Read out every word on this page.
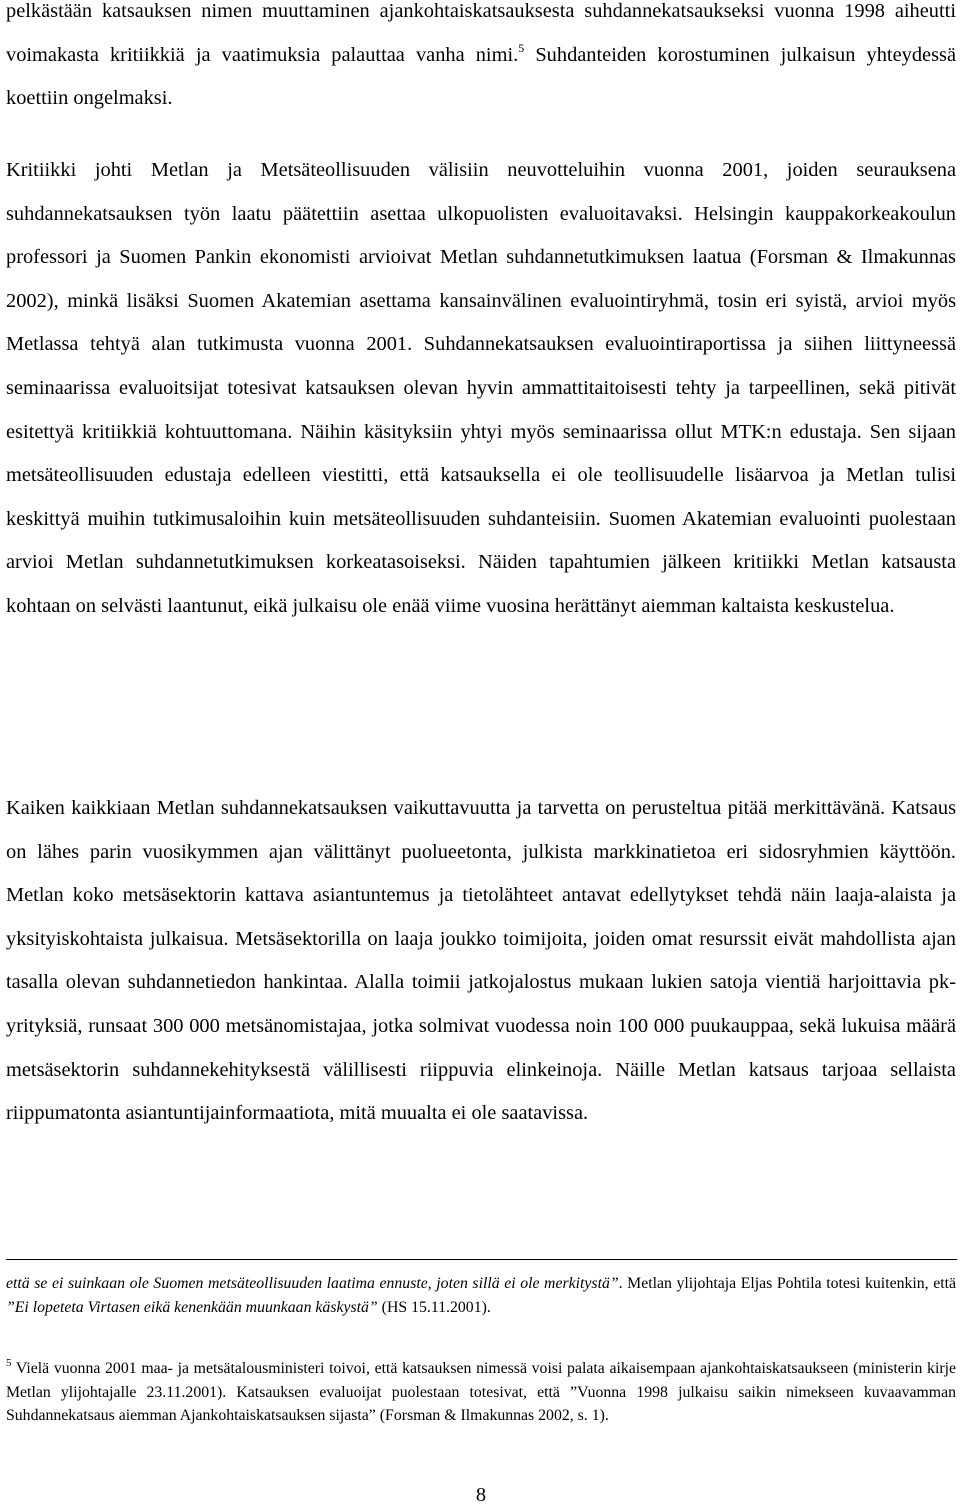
pelkästään katsauksen nimen muuttaminen ajankohtaiskatsauksesta suhdannekatsaukseksi vuonna 1998 aiheutti voimakasta kritiikkiä ja vaatimuksia palauttaa vanha nimi.$^5$ Suhdanteiden korostuminen julkaisun yhteydessä koettiin ongelmaksi.

Kritiikki johti Metlan ja Metsäteollisuuden välisiin neuvotteluihin vuonna 2001, joiden seurauksena suhdannekatsauksen työn laatu päätettiin asettaa ulkopuolisten evaluoitavaksi. Helsingin kauppakorkeakoulun professori ja Suomen Pankin ekonomisti arvioivat Metlan suhdannetutkimuksen laatua (Forsman & Ilmakunnas 2002), minkä lisäksi Suomen Akatemian asettama kansainvälinen evaluointiryhmä, tosin eri syistä, arvioi myös Metlassa tehtyä alan tutkimusta vuonna 2001. Suhdannekatsauksen evaluointiraportissa ja siihen liittyneessä seminaarissa evaluoitsijat totesivat katsauksen olevan hyvin ammattitaitoisesti tehty ja tarpeellinen, sekä pitivät esitettyä kritiikkiä kohtuuttomana. Näihin käsityksiin yhtyi myös seminaarissa ollut MTK:n edustaja. Sen sijaan metsäteollisuuden edustaja edelleen viestitti, että katsauksella ei ole teollisuudelle lisäarvoa ja Metlan tulisi keskittyä muihin tutkimusaloihin kuin metsäteollisuuden suhdanteisiin. Suomen Akatemian evaluointi puolestaan arvioi Metlan suhdannetutkimuksen korkeatasoiseksi. Näiden tapahtumien jälkeen kritiikki Metlan katsausta kohtaan on selvästi laantunut, eikä julkaisu ole enää viime vuosina herättänyt aiemman kaltaista keskustelua.

Kaiken kaikkiaan Metlan suhdannekatsauksen vaikuttavuutta ja tarvetta on perusteltua pitää merkittävänä. Katsaus on lähes parin vuosikymmen ajan välittänyt puolueetonta, julkista markkinatietoa eri sidosryhmien käyttöön. Metlan koko metsäsektorin kattava asiantuntemus ja tietolähteet antavat edellytykset tehdä näin laaja-alaista ja yksityiskohtaista julkaisua. Metsäsektorilla on laaja joukko toimijoita, joiden omat resurssit eivät mahdollista ajan tasalla olevan suhdannetiedon hankintaa. Alalla toimii jatkojalostus mukaan lukien satoja vientiä harjoittavia pk-yrityksiä, runsaat 300 000 metsänomistajaa, jotka solmivat vuodessa noin 100 000 puukauppaa, sekä lukuisa määrä metsäsektorin suhdannekehityksestä välillisesti riippuvia elinkeinoja. Näille Metlan katsaus tarjoaa sellaista riippumatonta asiantuntijainformaatiota, mitä muualta ei ole saatavissa.

että se ei suinkaan ole Suomen metsäteollisuuden laatima ennuste, joten sillä ei ole merkitystä”. Metlan ylijohtaja Eljas Pohtila totesi kuitenkin, että ”Ei lopeteta Virtasen eikä kenenkään muunkaan käskystä” (HS 15.11.2001).

$^5$ Vielä vuonna 2001 maa- ja metsätalousministeri toivoi, että katsauksen nimessä voisi palata aikaisempaan ajankohtaiskatsaukseen (ministerin kirje Metlan ylijohtajalle 23.11.2001). Katsauksen evaluoijat puolestaan totesivat, että ”Vuonna 1998 julkaisu saikin nimekseen kuvaavamman Suhdannekatsaus aiemman Ajankohtaiskatsauksen sijasta” (Forsman & Ilmakunnas 2002, s. 1).

8
